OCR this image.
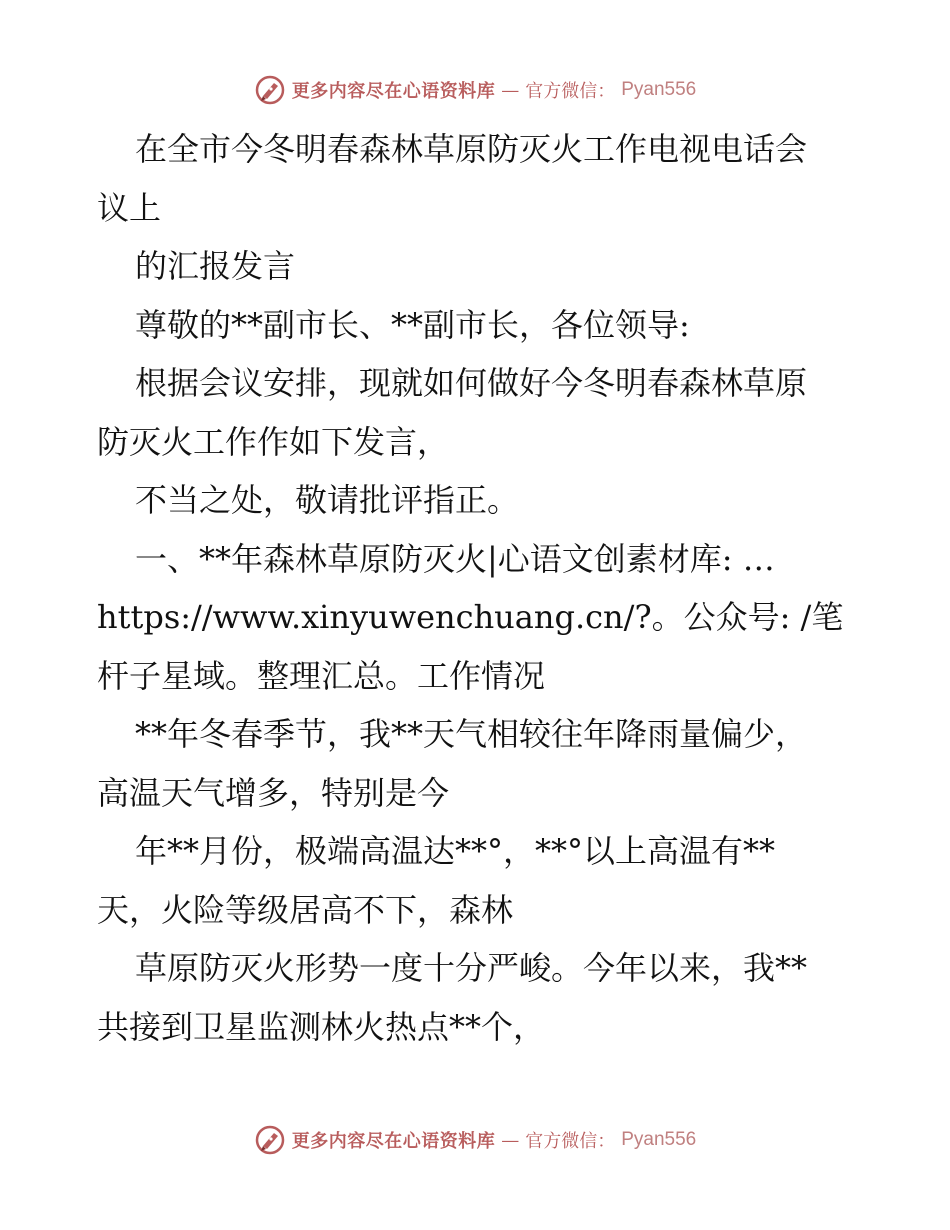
更多内容尽在心语资料库 — 官方微信： Pyan556
在全市今冬明春森林草原防灭火工作电视电话会
议上
的汇报发言
尊敬的**副市长、**副市长，各位领导:
根据会议安排，现就如何做好今冬明春森林草原
防灭火工作作如下发言，
不当之处，敬请批评指正。
一、**年森林草原防灭火|心语文创素材库: …
https://www.xinyuwenchuang.cn/?。公众号: /笔
杆子星域。整理汇总。工作情况
**年冬春季节，我**天气相较往年降雨量偏少，
高温天气增多，特别是今
年**月份，极端高温达**°，**°以上高温有**
天，火险等级居高不下，森林
草原防灭火形势一度十分严峻。今年以来，我**
共接到卫星监测林火热点**个，
更多内容尽在心语资料库 — 官方微信： Pyan556
